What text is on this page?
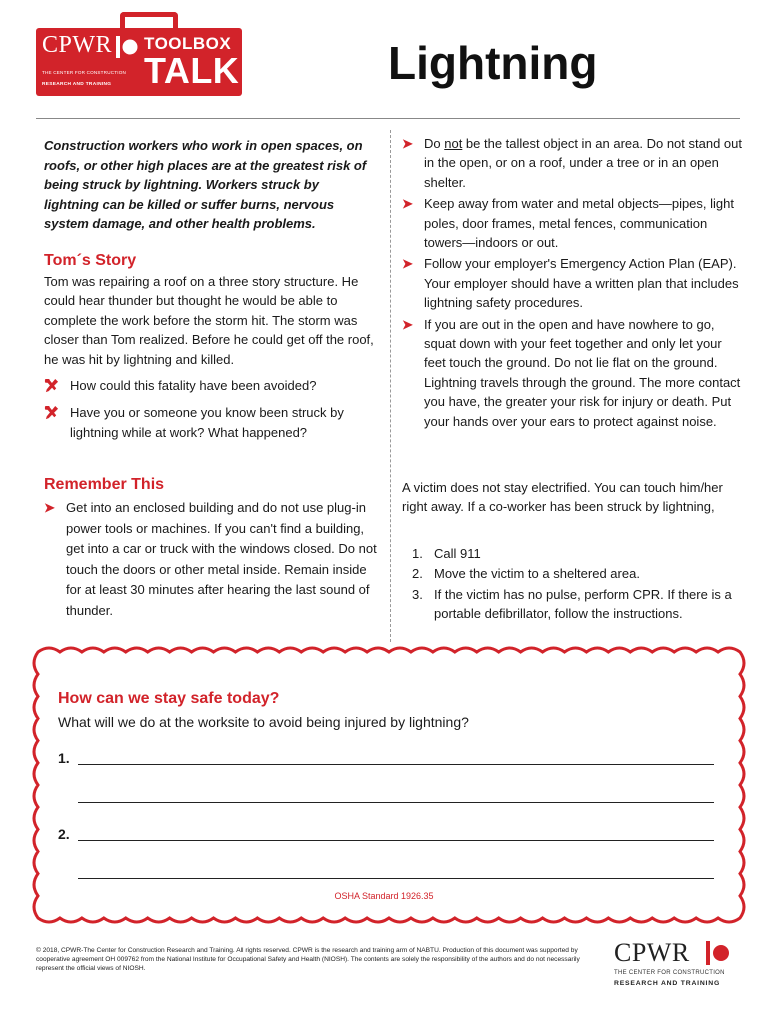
CPWR
THE CENTER FOR CONSTRUCTION
RESEARCH AND TRAINING
TOOLBOX
TALK	Lightning
Construction workers who work in open spaces, on roofs, or other high places are at the greatest risk of being struck by lightning. Workers struck by lightning can be killed or suffer burns, nervous system damage, and other health problems.
Tom´s Story
Tom was repairing a roof on a three story structure. He could hear thunder but thought he would be able to complete the work before the storm hit. The storm was closer than Tom realized. Before he could get off the roof, he was hit by lightning and killed.
How could this fatality have been avoided?
Have you or someone you know been struck by lightning while at work? What happened?
Remember This
➤ Get into an enclosed building and do not use plug-in power tools or machines. If you can't find a building, get into a car or truck with the windows closed. Do not touch the doors or other metal inside. Remain inside for at least 30 minutes after hearing the last sound of thunder.
➤ Do not be the tallest object in an area. Do not stand out in the open, or on a roof, under a tree or in an open shelter.
➤ Keep away from water and metal objects—pipes, light poles, door frames, metal fences, communication towers—indoors or out.
➤ Follow your employer's Emergency Action Plan (EAP). Your employer should have a written plan that includes lightning safety procedures.
➤ If you are out in the open and have nowhere to go, squat down with your feet together and only let your feet touch the ground. Do not lie flat on the ground. Lightning travels through the ground. The more contact you have, the greater your risk for injury or death. Put your hands over your ears to protect against noise.
A victim does not stay electrified. You can touch him/her right away. If a co-worker has been struck by lightning,
1. Call 911
2. Move the victim to a sheltered area.
3. If the victim has no pulse, perform CPR. If there is a portable defibrillator, follow the instructions.
How can we stay safe today?
What will we do at the worksite to avoid being injured by lightning?
1.
2.
OSHA Standard 1926.35
© 2018, CPWR-The Center for Construction Research and Training. All rights reserved. CPWR is the research and training arm of NABTU. Production of this document was supported by cooperative agreement OH 009762 from the National Institute for Occupational Safety and Health (NIOSH). The contents are solely the responsibility of the authors and do not necessarily represent the official views of NIOSH.
CPWR
THE CENTER FOR CONSTRUCTION
RESEARCH AND TRAINING
